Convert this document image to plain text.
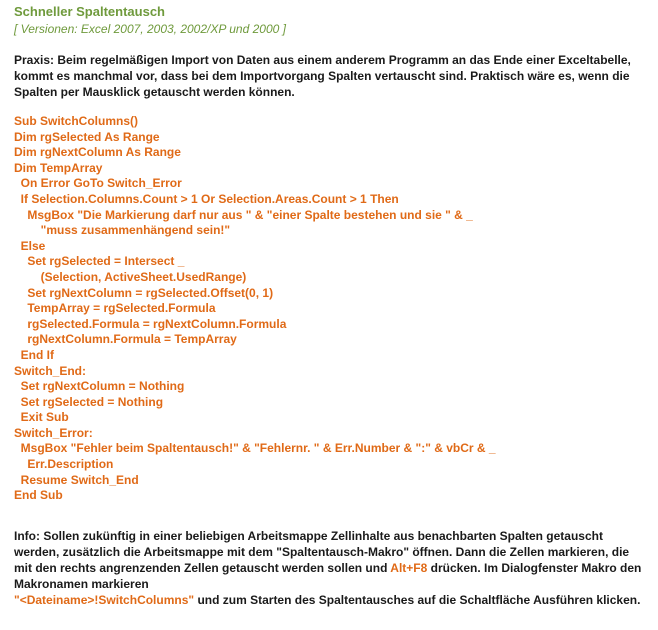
Schneller Spaltentausch
[ Versionen: Excel 2007, 2003, 2002/XP und 2000 ]

Praxis: Beim regelmäßigen Import von Daten aus einem anderem Programm an das Ende einer Exceltabelle, kommt es manchmal vor, dass bei dem Importvorgang Spalten vertauscht sind. Praktisch wäre es, wenn die Spalten per Mausklick getauscht werden können.

Sub SwitchColumns()
Dim rgSelected As Range
Dim rgNextColumn As Range
Dim TempArray
On Error GoTo Switch_Error
If Selection.Columns.Count > 1 Or Selection.Areas.Count > 1 Then
MsgBox "Die Markierung darf nur aus " & "einer Spalte bestehen und sie " & _
"muss zusammenhängend sein!"
Else
Set rgSelected = Intersect _
(Selection, ActiveSheet.UsedRange)
Set rgNextColumn = rgSelected.Offset(0, 1)
TempArray = rgSelected.Formula
rgSelected.Formula = rgNextColumn.Formula
rgNextColumn.Formula = TempArray
End If
Switch_End:
Set rgNextColumn = Nothing
Set rgSelected = Nothing
Exit Sub
Switch_Error:
MsgBox "Fehler beim Spaltentausch!" & "Fehlernr. " & Err.Number & ":" & vbCr & _
Err.Description
Resume Switch_End
End Sub

Info: Sollen zukünftig in einer beliebigen Arbeitsmappe Zellinhalte aus benachbarten Spalten getauscht werden, zusätzlich die Arbeitsmappe mit dem "Spaltentausch-Makro" öffnen. Dann die Zellen markieren, die mit den rechts angrenzenden Zellen getauscht werden sollen und Alt+F8 drücken. Im Dialogfenster Makro den Makronamen markieren
"<Dateiname>!SwitchColumns" und zum Starten des Spaltentausches auf die Schaltfläche Ausführen klicken.
